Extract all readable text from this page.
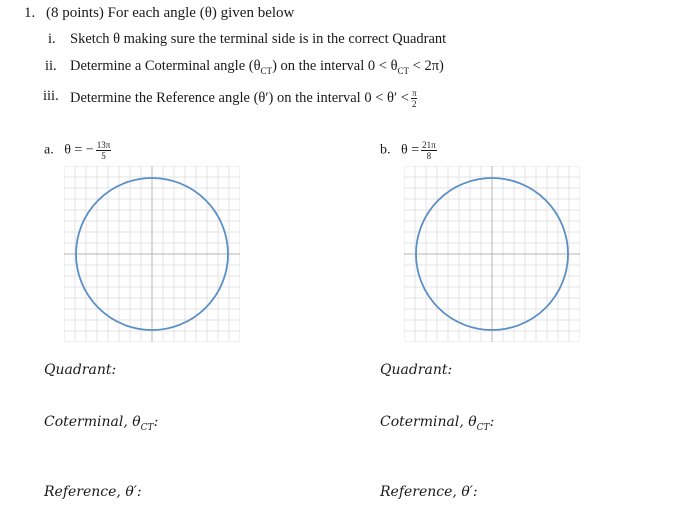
1. (8 points) For each angle (θ) given below
i. Sketch θ making sure the terminal side is in the correct Quadrant
ii. Determine a Coterminal angle $(\theta_{CT})$ on the interval $0 < \theta_{CT} < 2\pi$)
iii. Determine the Reference angle (θ′) on the interval $0 < \theta' < \frac{\pi}{2}$
a. θ = − $\frac{13\pi}{5}$	b. $\theta = \frac{21\pi}{8}$
Quadrant:	Quadrant:
Coterminal, $\theta_{CT}$:	Coterminal, $\theta_{CT}$:
Reference, θ′:	Reference, θ′:
